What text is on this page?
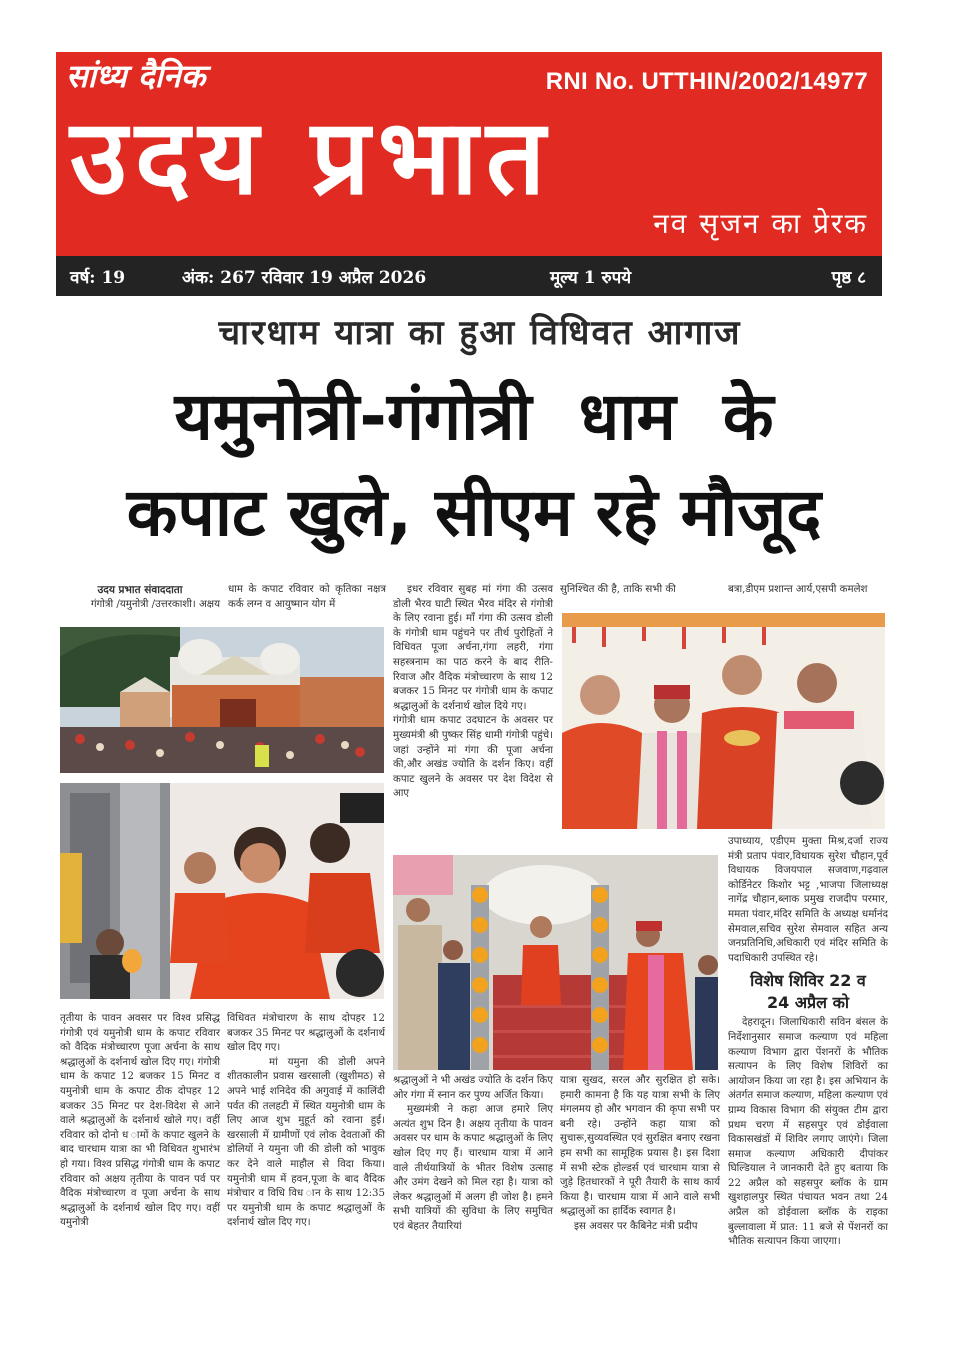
सांध्य दैनिक	RNI No. UTTHIN/2002/14977
उदय प्रभात
नव सृजन का प्रेरक
वर्ष: 19	अंक: 267 रविवार 19 अप्रैल 2026	मूल्य 1 रुपये	पृष्ठ ८
चारधाम यात्रा का हुआ विधिवत आगाज
यमुनोत्री-गंगोत्री धाम के
कपाट खुले, सीएम रहे मौजूद

उदय प्रभात संवाददाता

गंगोत्री /यमुनोत्री /उत्तरकाशी। अक्षय

धाम के कपाट रविवार को कृतिका नक्षत्र कर्क लग्न व आयुष्मान योग में

इधर रविवार सुबह मां गंगा की उत्सव डोली भैरव घाटी स्थित भैरव मंदिर से गंगोत्री के लिए रवाना हुई। माँ गंगा की उत्सव डोली के गंगोत्री धाम पहुंचने पर तीर्थ पुरोहितों ने विधिवत पूजा अर्चना,गंगा लहरी, गंगा सहस्त्रनाम का पाठ करने के बाद रीति-रिवाज और वैदिक मंत्रोच्चारण के साथ 12 बजकर 15 मिनट पर गंगोत्री धाम के कपाट श्रद्धालुओं के दर्शनार्थ खोल दिये गए।

गंगोत्री धाम कपाट उदघाटन के अवसर पर मुख्यमंत्री श्री पुष्कर सिंह धामी गंगोत्री पहुंचे। जहां उन्होंने मां गंगा की पूजा अर्चना की,और अखंड ज्योति के दर्शन किए। वहीं कपाट खुलने के अवसर पर देश विदेश से आए

सुनिश्चित की है, ताकि सभी की	बत्रा,डीएम प्रशान्त आर्य,एसपी कमलेश

उपाध्याय, एडीएम मुक्ता मिश्र,दर्जा राज्य मंत्री प्रताप पंवार,विधायक सुरेश चौहान,पूर्व विधायक विजयपाल सजवाण,गढ़वाल कोर्डिनेटर किशोर भट्ट ,भाजपा जिलाध्यक्ष नागेंद्र चौहान,ब्लाक प्रमुख राजदीप परमार, ममता पंवार,मंदिर समिति के अध्यक्ष धर्मानंद सेमवाल,सचिव सुरेश सेमवाल सहित अन्य जनप्रतिनिधि,अधिकारी एवं मंदिर समिति के पदाधिकारी उपस्थित रहे।

विशेष शिविर 22 व
24 अप्रैल को

देहरादून। जिलाधिकारी सविन बंसल के निर्देशानुसार समाज कल्याण एवं महिला कल्याण विभाग द्वारा पेंशनरों के भौतिक सत्यापन के लिए विशेष शिविरों का आयोजन किया जा रहा है। इस अभियान के अंतर्गत समाज कल्याण, महिला कल्याण एवं ग्राम्य विकास विभाग की संयुक्त टीम द्वारा प्रथम चरण में सहसपुर एवं डोईवाला विकासखंडों में शिविर लगाए जाएंगे। जिला समाज कल्याण अधिकारी दीपांकर घिल्डियाल ने जानकारी देते हुए बताया कि 22 अप्रैल को सहसपुर ब्लॉक के ग्राम खुशहालपुर स्थित पंचायत भवन तथा 24 अप्रैल को डोईवाला ब्लॉक के राइका बुल्लावाला में प्रात: 11 बजे से पेंशनरों का भौतिक सत्यापन किया जाएगा।

तृतीया के पावन अवसर पर विश्व प्रसिद्ध गंगोत्री एवं यमुनोत्री धाम के कपाट रविवार को वैदिक मंत्रोच्चारण पूजा अर्चना के साथ श्रद्धालुओं के दर्शनार्थ खोल दिए गए। गंगोत्री धाम के कपाट 12 बजकर 15 मिनट व यमुनोत्री धाम के कपाट ठीक दोपहर 12 बजकर 35 मिनट पर देश-विदेश से आने वाले श्रद्धालुओं के दर्शनार्थ खोले गए। वहीं रविवार को दोनो ध ामों के कपाट खुलने के बाद चारधाम यात्रा का भी विधिवत शुभारंभ हो गया। विश्व प्रसिद्ध गंगोत्री धाम के कपाट रविवार को अक्षय तृतीया के पावन पर्व पर वैदिक मंत्रोच्चारण व पूजा अर्चना के साथ श्रद्धालुओं के दर्शनार्थ खोल दिए गए। वहीं यमुनोत्री

विधिवत मंत्रोचारण के साथ दोपहर 12 बजकर 35 मिनट पर श्रद्धालुओं के दर्शनार्थ खोल दिए गए।

मां यमुना की डोली अपने शीतकालीन प्रवास खरसाली (खुशीमठ) से अपने भाई शनिदेव की अगुवाई में कालिंदी पर्वत की तलहटी में स्थित यमुनोत्री धाम के लिए आज शुभ मुहूर्त को रवाना हुई। खरसाली में ग्रामीणों एवं लोक देवताओं की डोलियों ने यमुना जी की डोली को भावुक कर देने वाले माहौल से विदा किया। यमुनोत्री धाम में हवन,पूजा के बाद वैदिक मंत्रोचार व विधि विध ान के साथ 12:35 पर यमुनोत्री धाम के कपाट श्रद्धालुओं के दर्शनार्थ खोल दिए गए।

श्रद्धालुओं ने भी अखंड ज्योति के दर्शन किए ओर गंगा में स्नान कर पुण्य अर्जित किया।

मुख्यमंत्री ने कहा आज हमारे लिए अत्यंत शुभ दिन है। अक्षय तृतीया के पावन अवसर पर धाम के कपाट श्रद्धालुओं के लिए खोल दिए गए हैं। चारधाम यात्रा में आने वाले तीर्थयात्रियों के भीतर विशेष उत्साह और उमंग देखने को मिल रहा है। यात्रा को लेकर श्रद्धालुओं में अलग ही जोश है। हमने सभी यात्रियों की सुविधा के लिए समुचित एवं बेहतर तैयारियां

यात्रा सुखद, सरल और सुरक्षित हो सके। हमारी कामना है कि यह यात्रा सभी के लिए मंगलमय हो और भगवान की कृपा सभी पर बनी रहे। उन्होंने कहा यात्रा को सुचारू,सुव्यवस्थित एवं सुरक्षित बनाए रखना हम सभी का सामूहिक प्रयास है। इस दिशा में सभी स्टेक होल्डर्स एवं चारधाम यात्रा से जुड़े हितधारकों ने पूरी तैयारी के साथ कार्य किया है। चारधाम यात्रा में आने वाले सभी श्रद्धालुओं का हार्दिक स्वागत है।

इस अवसर पर कैबिनेट मंत्री प्रदीप
